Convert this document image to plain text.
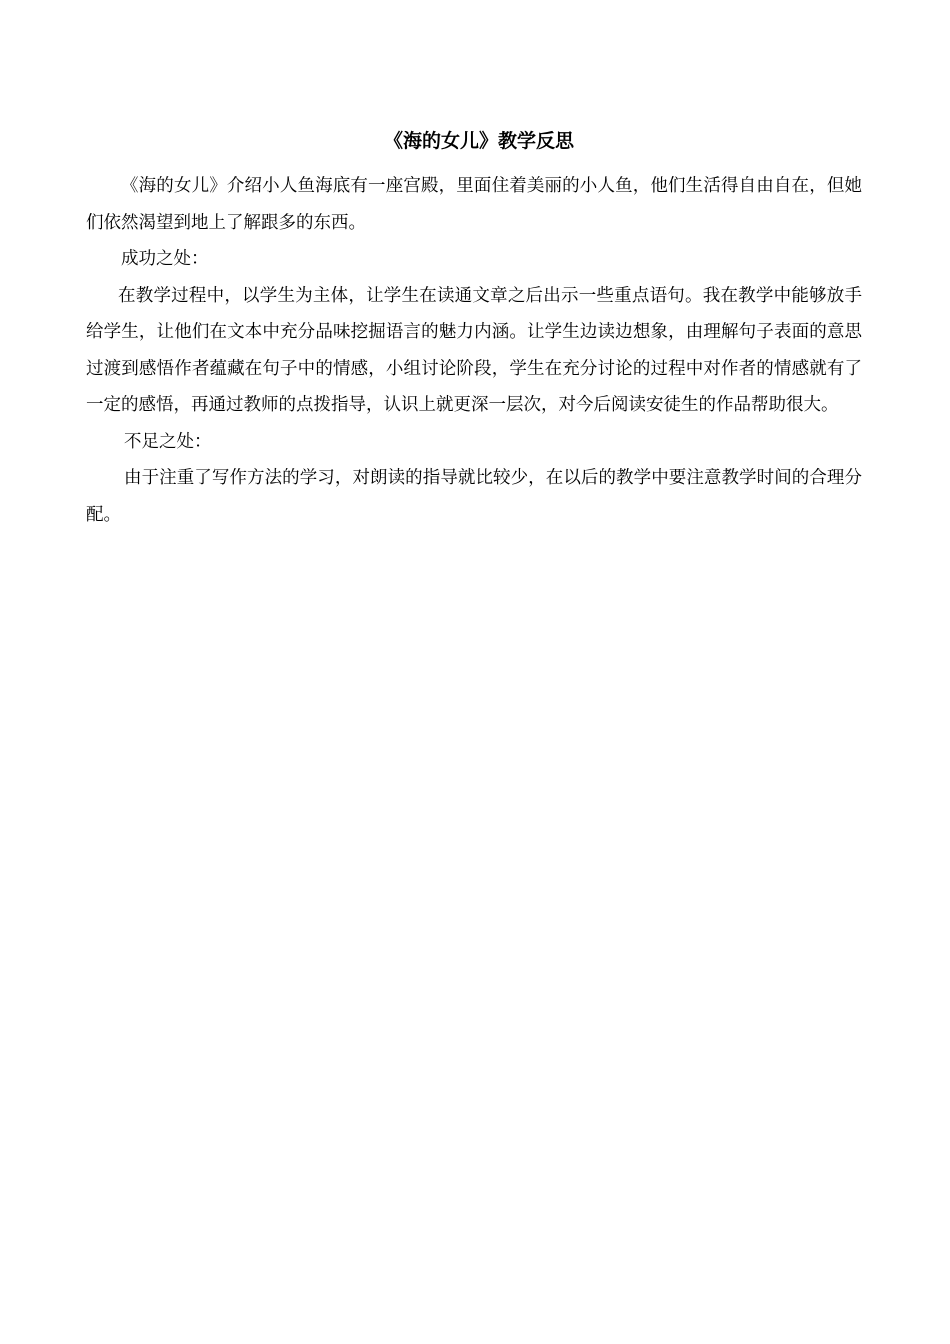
《海的女儿》教学反思

《海的女儿》介绍小人鱼海底有一座宫殿，里面住着美丽的小人鱼，他们生活得自由自在，但她们依然渴望到地上了解跟多的东西。

成功之处：

在教学过程中，以学生为主体，让学生在读通文章之后出示一些重点语句。我在教学中能够放手给学生，让他们在文本中充分品味挖掘语言的魅力内涵。让学生边读边想象，由理解句子表面的意思过渡到感悟作者蕴藏在句子中的情感，小组讨论阶段，学生在充分讨论的过程中对作者的情感就有了一定的感悟，再通过教师的点拨指导，认识上就更深一层次，对今后阅读安徒生的作品帮助很大。

不足之处：

由于注重了写作方法的学习，对朗读的指导就比较少，在以后的教学中要注意教学时间的合理分配。
